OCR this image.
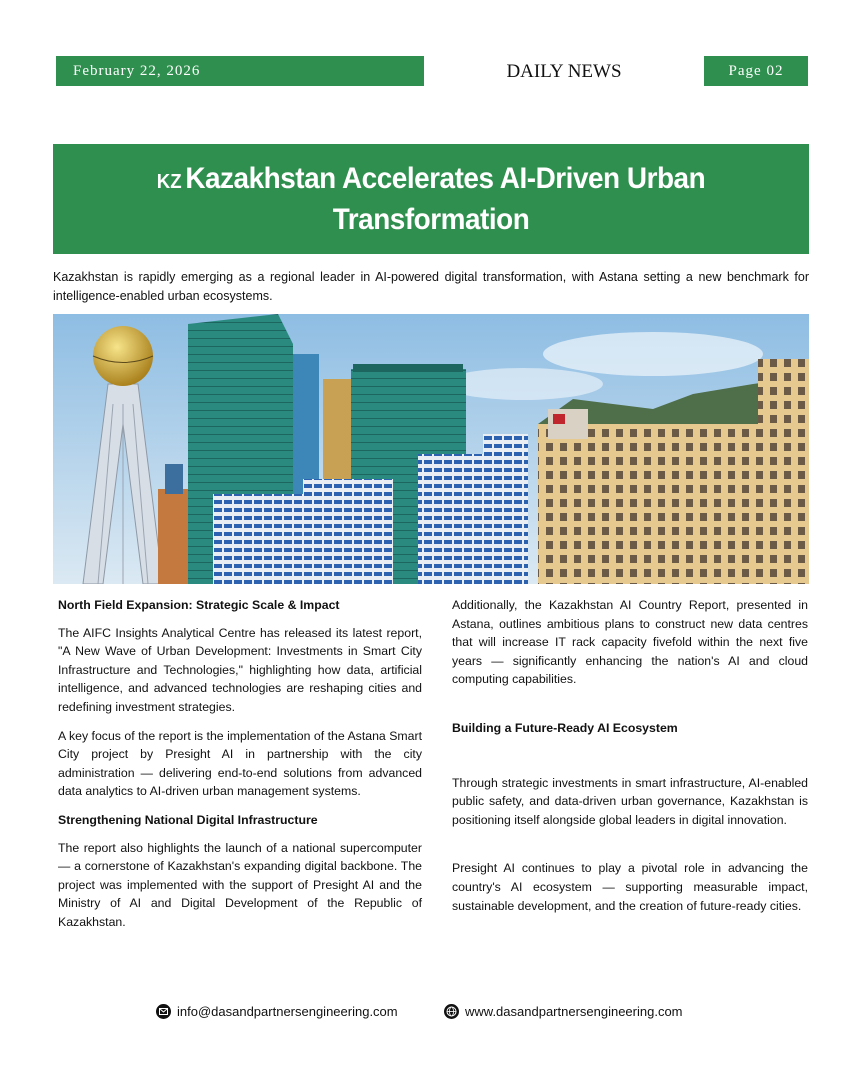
February 22, 2026	DAILY NEWS	Page 02
KZ Kazakhstan Accelerates AI-Driven Urban Transformation
Kazakhstan is rapidly emerging as a regional leader in AI-powered digital transformation, with Astana setting a new benchmark for intelligence-enabled urban ecosystems.
North Field Expansion: Strategic Scale & Impact

The AIFC Insights Analytical Centre has released its latest report, "A New Wave of Urban Development: Investments in Smart City Infrastructure and Technologies," highlighting how data, artificial intelligence, and advanced technologies are reshaping cities and redefining investment strategies.

A key focus of the report is the implementation of the Astana Smart City project by Presight AI in partnership with the city administration — delivering end-to-end solutions from advanced data analytics to AI-driven urban management systems.

Strengthening National Digital Infrastructure

The report also highlights the launch of a national supercomputer — a cornerstone of Kazakhstan's expanding digital backbone. The project was implemented with the support of Presight AI and the Ministry of AI and Digital Development of the Republic of Kazakhstan.

Additionally, the Kazakhstan AI Country Report, presented in Astana, outlines ambitious plans to construct new data centres that will increase IT rack capacity fivefold within the next five years — significantly enhancing the nation's AI and cloud computing capabilities.

Building a Future-Ready AI Ecosystem

Through strategic investments in smart infrastructure, AI-enabled public safety, and data-driven urban governance, Kazakhstan is positioning itself alongside global leaders in digital innovation.

Presight AI continues to play a pivotal role in advancing the country's AI ecosystem — supporting measurable impact, sustainable development, and the creation of future-ready cities.

info@dasandpartnersengineering.com	www.dasandpartnersengineering.com
